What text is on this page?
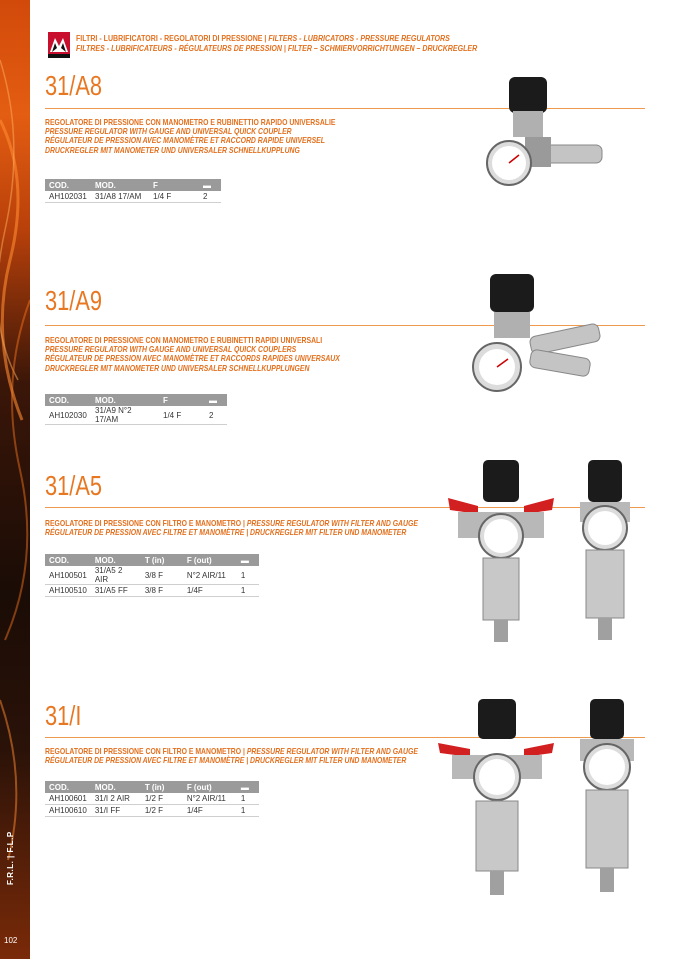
F.R.L. | F.L.P
102
FILTRI - LUBRIFICATORI - REGOLATORI DI PRESSIONE | FILTERS - LUBRICATORS - PRESSURE REGULATORS
FILTRES - LUBRIFICATEURS - RÉGULATEURS DE PRESSION | FILTER – SCHMIERVORRICHTUNGEN – DRUCKREGLER
31/A8
REGOLATORE DI PRESSIONE CON MANOMETRO E RUBINETTIO RAPIDO UNIVERSALIE
PRESSURE REGULATOR WITH GAUGE AND UNIVERSAL QUICK COUPLER
RÉGULATEUR DE PRESSION AVEC MANOMÈTRE ET RACCORD RAPIDE UNIVERSEL
DRUCKREGLER MIT MANOMETER UND UNIVERSALER SCHNELLKUPPLUNG
COD.	MOD.	F	▬
AH102031	31/A8 17/AM	1/4 F	2
31/A9
REGOLATORE DI PRESSIONE CON MANOMETRO E RUBINETTI RAPIDI UNIVERSALI
PRESSURE REGULATOR WITH GAUGE AND UNIVERSAL QUICK COUPLERS
RÉGULATEUR DE PRESSION AVEC MANOMÈTRE ET RACCORDS RAPIDES UNIVERSAUX
DRUCKREGLER MIT MANOMETER UND UNIVERSALER SCHNELLKUPPLUNGEN
COD.	MOD.	F	▬
AH102030	31/A9 N°2 17/AM	1/4 F	2
31/A5
REGOLATORE DI PRESSIONE CON FILTRO E MANOMETRO | PRESSURE REGULATOR WITH FILTER AND GAUGE
RÉGULATEUR DE PRESSION AVEC FILTRE ET MANOMÈTRE | DRUCKREGLER MIT FILTER UND MANOMETER
COD.	MOD.	T (in)	F (out)	▬
AH100501	31/A5 2 AIR	3/8 F	N°2 AIR/11	1
AH100510	31/A5 FF	3/8 F	1/4F	1
31/I
REGOLATORE DI PRESSIONE CON FILTRO E MANOMETRO | PRESSURE REGULATOR WITH FILTER AND GAUGE
RÉGULATEUR DE PRESSION AVEC FILTRE ET MANOMÈTRE | DRUCKREGLER MIT FILTER UND MANOMETER
COD.	MOD.	T (in)	F (out)	▬
AH100601	31/I 2 AIR	1/2 F	N°2 AIR/11	1
AH100610	31/I FF	1/2 F	1/4F	1
